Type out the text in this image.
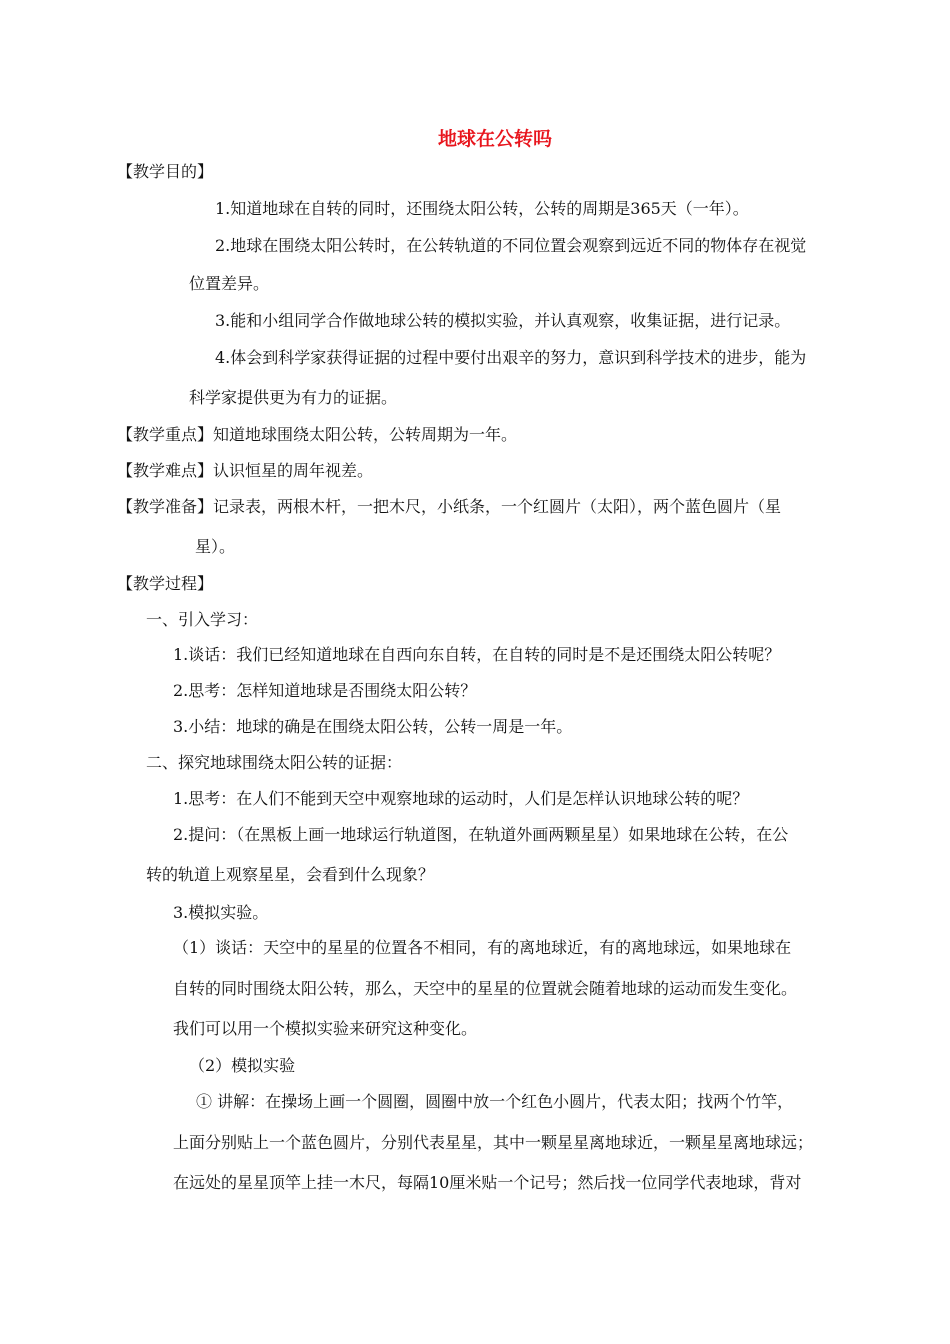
地球在公转吗
【教学目的】
1.知道地球在自转的同时，还围绕太阳公转，公转的周期是365天（一年）。
2.地球在围绕太阳公转时，在公转轨道的不同位置会观察到远近不同的物体存在视觉
位置差异。
3.能和小组同学合作做地球公转的模拟实验，并认真观察，收集证据，进行记录。
4.体会到科学家获得证据的过程中要付出艰辛的努力，意识到科学技术的进步，能为
科学家提供更为有力的证据。
【教学重点】知道地球围绕太阳公转，公转周期为一年。
【教学难点】认识恒星的周年视差。
【教学准备】记录表，两根木杆，一把木尺，小纸条，一个红圆片（太阳），两个蓝色圆片（星
星）。
【教学过程】
一、引入学习：
1.谈话：我们已经知道地球在自西向东自转，在自转的同时是不是还围绕太阳公转呢？
2.思考：怎样知道地球是否围绕太阳公转？
3.小结：地球的确是在围绕太阳公转，公转一周是一年。
二、探究地球围绕太阳公转的证据：
1.思考：在人们不能到天空中观察地球的运动时，人们是怎样认识地球公转的呢？
2.提问：（在黑板上画一地球运行轨道图，在轨道外画两颗星星）如果地球在公转，在公
转的轨道上观察星星，会看到什么现象？
3.模拟实验。
（1）谈话：天空中的星星的位置各不相同，有的离地球近，有的离地球远，如果地球在
自转的同时围绕太阳公转，那么，天空中的星星的位置就会随着地球的运动而发生变化。
我们可以用一个模拟实验来研究这种变化。
（2）模拟实验
① 讲解：在操场上画一个圆圈，圆圈中放一个红色小圆片，代表太阳；找两个竹竿，
上面分别贴上一个蓝色圆片，分别代表星星，其中一颗星星离地球近，一颗星星离地球远；
在远处的星星顶竿上挂一木尺，每隔10厘米贴一个记号；然后找一位同学代表地球，背对
